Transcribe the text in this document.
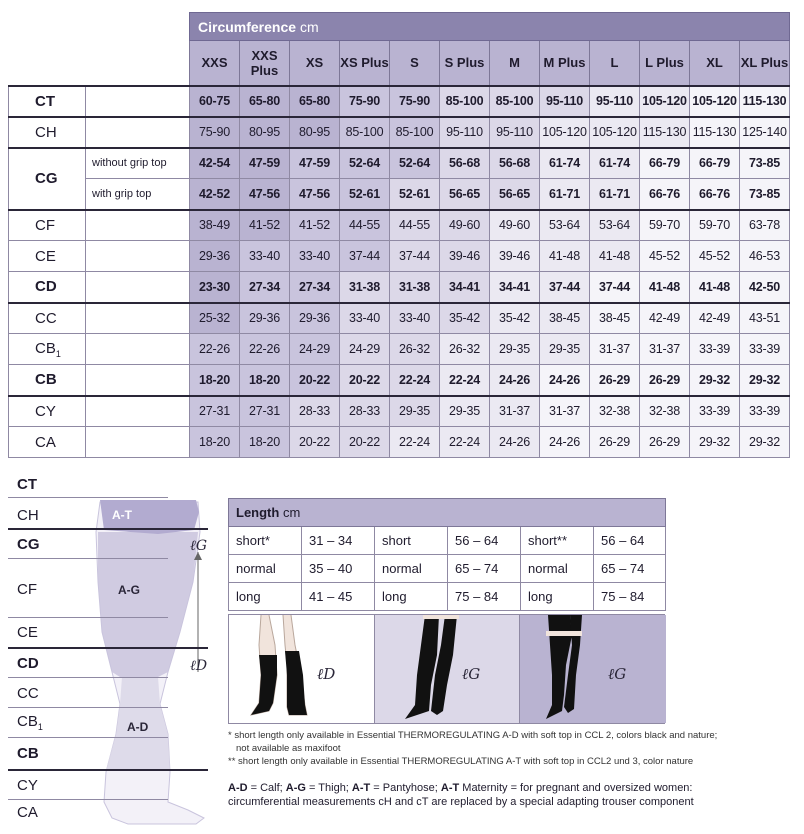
		Circumference cm											
		XXS	XXS Plus	XS	XS Plus	S	S Plus	M	M Plus	L	L Plus	XL	XL Plus
CT		60-75	65-80	65-80	75-90	75-90	85-100	85-100	95-110	95-110	105-120	105-120	115-130
CH		75-90	80-95	80-95	85-100	85-100	95-110	95-110	105-120	105-120	115-130	115-130	125-140
CG	without grip top	42-54	47-59	47-59	52-64	52-64	56-68	56-68	61-74	61-74	66-79	66-79	73-85
	with grip top	42-52	47-56	47-56	52-61	52-61	56-65	56-65	61-71	61-71	66-76	66-76	73-85
CF		38-49	41-52	41-52	44-55	44-55	49-60	49-60	53-64	53-64	59-70	59-70	63-78
CE		29-36	33-40	33-40	37-44	37-44	39-46	39-46	41-48	41-48	45-52	45-52	46-53
CD		23-30	27-34	27-34	31-38	31-38	34-41	34-41	37-44	37-44	41-48	41-48	42-50
CC		25-32	29-36	29-36	33-40	33-40	35-42	35-42	38-45	38-45	42-49	42-49	43-51
$CB_1$		22-26	22-26	24-29	24-29	26-32	26-32	29-35	29-35	31-37	31-37	33-39	33-39
CB		18-20	18-20	20-22	20-22	22-24	22-24	24-26	24-26	26-29	26-29	29-32	29-32
CY		27-31	27-31	28-33	28-33	29-35	29-35	31-37	31-37	32-38	32-38	33-39	33-39
CA		18-20	18-20	20-22	20-22	22-24	22-24	24-26	24-26	26-29	26-29	29-32	29-32
CT
CH
CG
CF
CE
CD
CC
$CB_1$
CB
CY
CA
A-T
A-G
A-D
ℓG
ℓD
Length cm					
short*	31 – 34	short	56 – 64	short**	56 – 64
normal	35 – 40	normal	65 – 74	normal	65 – 74
long	41 – 45	long	75 – 84	long	75 – 84
ℓD	ℓG	ℓG
* short length only available in Essential THERMOREGULATING A-D with soft top in CCL 2, colors black and nature;
not available as maxifoot
** short length only available in Essential THERMOREGULATING A-T with soft top in CCL2 und 3, color nature
A-D = Calf; A-G = Thigh; A-T = Pantyhose; A-T Maternity = for pregnant and oversized women:
circumferential measurements cH and cT are replaced by a special adapting trouser component
